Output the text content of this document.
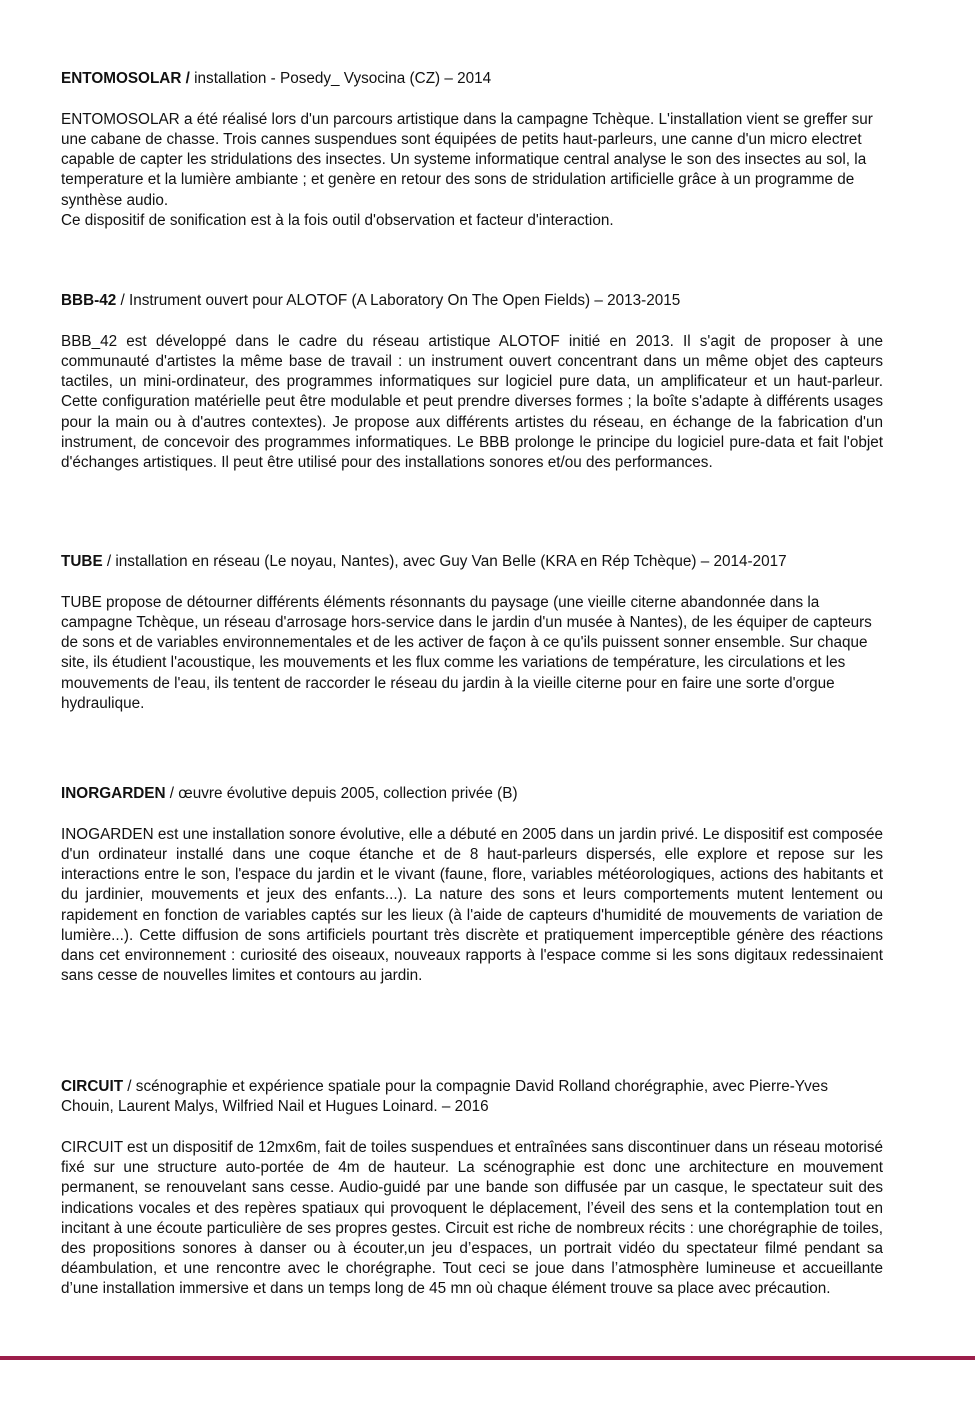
ENTOMOSOLAR / installation - Posedy_ Vysocina (CZ) – 2014

ENTOMOSOLAR a été réalisé lors d'un parcours artistique dans la campagne Tchèque. L'installation vient se greffer sur une cabane de chasse. Trois cannes suspendues sont équipées de petits haut-parleurs, une canne d'un micro electret capable de capter les stridulations des insectes. Un systeme informatique central analyse le son des insectes au sol, la temperature et la lumière ambiante ; et genère en retour des sons de stridulation artificielle grâce à un programme de synthèse audio.

Ce dispositif de sonification est à la fois outil d'observation et facteur d'interaction.

BBB-42 / Instrument ouvert pour ALOTOF (A Laboratory On The Open Fields) – 2013-2015

BBB_42 est développé dans le cadre du réseau artistique ALOTOF initié en 2013. Il s'agit de proposer à une communauté d'artistes la même base de travail : un instrument ouvert concentrant dans un même objet des capteurs tactiles, un mini-ordinateur, des programmes informatiques sur logiciel pure data, un amplificateur et un haut-parleur. Cette configuration matérielle peut être modulable et peut prendre diverses formes ; la boîte s'adapte à différents usages pour la main ou à d'autres contextes). Je propose aux différents artistes du réseau, en échange de la fabrication d'un instrument, de concevoir des programmes informatiques. Le BBB prolonge le principe du logiciel pure-data et fait l'objet d'échanges artistiques. Il peut être utilisé pour des installations sonores et/ou des performances.

TUBE / installation en réseau (Le noyau, Nantes), avec Guy Van Belle (KRA en Rép Tchèque) – 2014-2017

TUBE propose de détourner différents éléments résonnants du paysage (une vieille citerne abandonnée dans la campagne Tchèque, un réseau d'arrosage hors-service dans le jardin d'un musée à Nantes), de les équiper de capteurs de sons et de variables environnementales et de les activer de façon à ce qu'ils puissent sonner ensemble. Sur chaque site, ils étudient l'acoustique, les mouvements et les flux comme les variations de température, les circulations et les mouvements de l'eau, ils tentent de raccorder le réseau du jardin à la vieille citerne pour en faire une sorte d'orgue hydraulique.

INORGARDEN / œuvre évolutive depuis 2005, collection privée (B)

INOGARDEN est une installation sonore évolutive, elle a débuté en 2005 dans un jardin privé. Le dispositif est composée d'un ordinateur installé dans une coque étanche et de 8 haut-parleurs dispersés, elle explore et repose sur les interactions entre le son, l'espace du jardin et le vivant (faune, flore, variables météorologiques, actions des habitants et du jardinier, mouvements et jeux des enfants...). La nature des sons et leurs comportements mutent lentement ou rapidement en fonction de variables captés sur les lieux (à l'aide de capteurs d'humidité de mouvements de variation de lumière...). Cette diffusion de sons artificiels pourtant très discrète et pratiquement imperceptible génère des réactions dans cet environnement : curiosité des oiseaux, nouveaux rapports à l'espace comme si les sons digitaux redessinaient sans cesse de nouvelles limites et contours au jardin.

CIRCUIT / scénographie et expérience spatiale pour la compagnie David Rolland chorégraphie, avec Pierre-Yves Chouin, Laurent Malys, Wilfried Nail et Hugues Loinard. – 2016

CIRCUIT est un dispositif de 12mx6m, fait de toiles suspendues et entraînées sans discontinuer dans un réseau motorisé fixé sur une structure auto-portée de 4m de hauteur. La scénographie est donc une architecture en mouvement permanent, se renouvelant sans cesse. Audio-guidé par une bande son diffusée par un casque, le spectateur suit des indications vocales et des repères spatiaux qui provoquent le déplacement, l’éveil des sens et la contemplation tout en incitant à une écoute particulière de ses propres gestes. Circuit est riche de nombreux récits : une chorégraphie de toiles, des propositions sonores à danser ou à écouter,un jeu d’espaces, un portrait vidéo du spectateur filmé pendant sa déambulation, et une rencontre avec le chorégraphe. Tout ceci se joue dans l’atmosphère lumineuse et accueillante d’une installation immersive et dans un temps long de 45 mn où chaque élément trouve sa place avec précaution.
